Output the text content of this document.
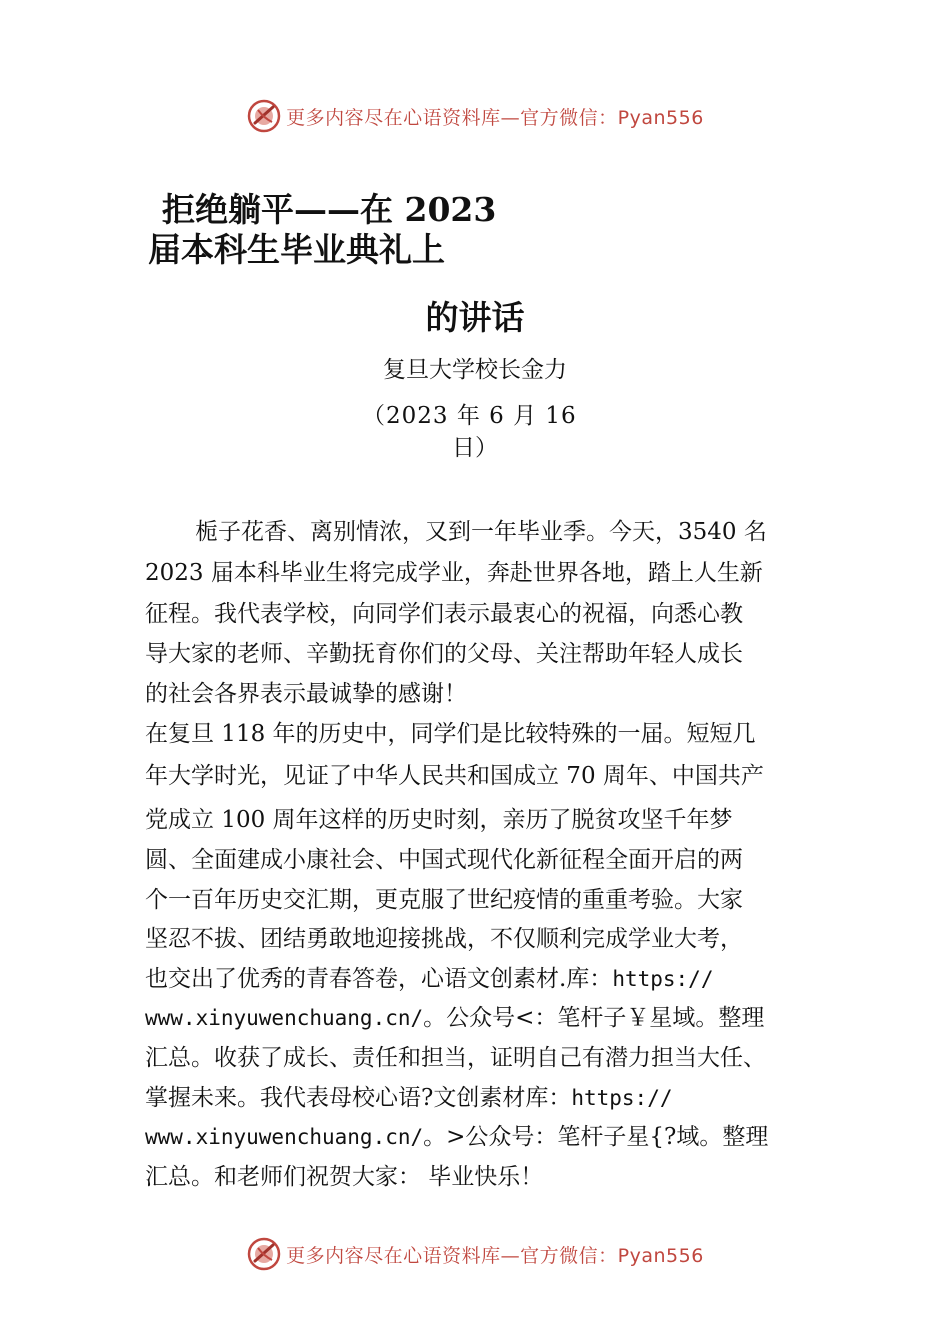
更多内容尽在心语资料库—官方微信：Pyan556
拒绝躺平——在 2023
届本科生毕业典礼上
的讲话
复旦大学校长金力
（2023 年 6 月 16
日）
栀子花香、离别情浓，又到一年毕业季。今天，3540 名
2023 届本科毕业生将完成学业，奔赴世界各地，踏上人生新
征程。我代表学校，向同学们表示最衷心的祝福，向悉心教
导大家的老师、辛勤抚育你们的父母、关注帮助年轻人成长
的社会各界表示最诚挚的感谢！
在复旦 118 年的历史中，同学们是比较特殊的一届。短短几
年大学时光，见证了中华人民共和国成立 70 周年、中国共产
党成立 100 周年这样的历史时刻，亲历了脱贫攻坚千年梦
圆、全面建成小康社会、中国式现代化新征程全面开启的两
个一百年历史交汇期，更克服了世纪疫情的重重考验。大家
坚忍不拔、团结勇敢地迎接挑战，不仅顺利完成学业大考，
也交出了优秀的青春答卷，心语文创素材.库：https://
www.xinyuwenchuang.cn/。公众号<：笔杆子￥星域。整理
汇总。收获了成长、责任和担当，证明自己有潜力担当大任、
掌握未来。我代表母校心语?文创素材库：https://
www.xinyuwenchuang.cn/。>公众号：笔杆子星{?域。整理
汇总。和老师们祝贺大家： 毕业快乐！
更多内容尽在心语资料库—官方微信：Pyan556
